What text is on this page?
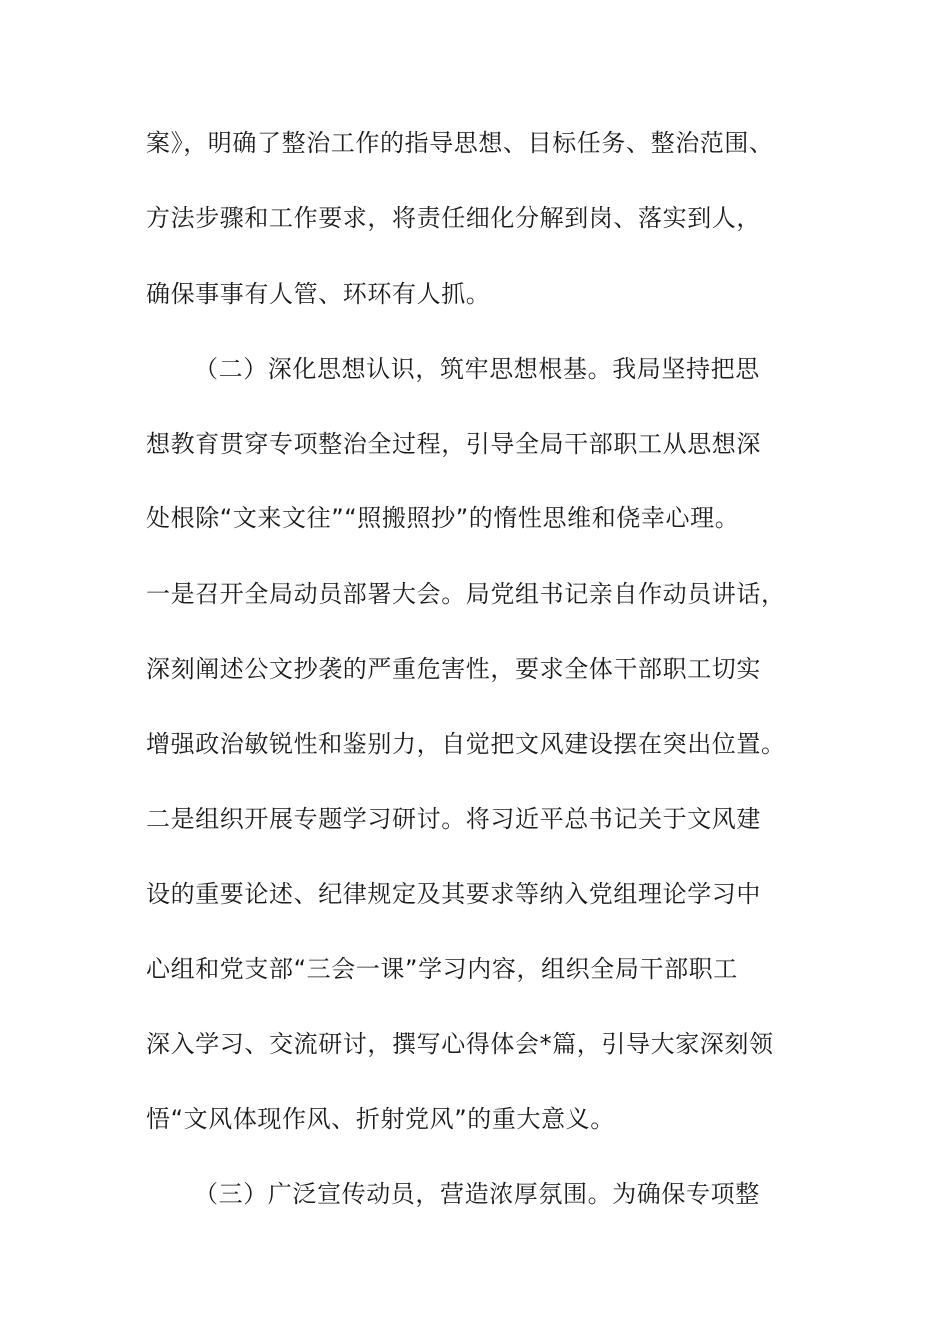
案》，明确了整治工作的指导思想、目标任务、整治范围、
方法步骤和工作要求，将责任细化分解到岗、落实到人，
确保事事有人管、环环有人抓。
（二）深化思想认识，筑牢思想根基。我局坚持把思
想教育贯穿专项整治全过程，引导全局干部职工从思想深
处根除“文来文往”“照搬照抄”的惰性思维和侥幸心理。
一是召开全局动员部署大会。局党组书记亲自作动员讲话，
深刻阐述公文抄袭的严重危害性，要求全体干部职工切实
增强政治敏锐性和鉴别力，自觉把文风建设摆在突出位置。
二是组织开展专题学习研讨。将习近平总书记关于文风建
设的重要论述、纪律规定及其要求等纳入党组理论学习中
心组和党支部“三会一课”学习内容，组织全局干部职工
深入学习、交流研讨，撰写心得体会*篇，引导大家深刻领
悟“文风体现作风、折射党风”的重大意义。
（三）广泛宣传动员，营造浓厚氛围。为确保专项整
